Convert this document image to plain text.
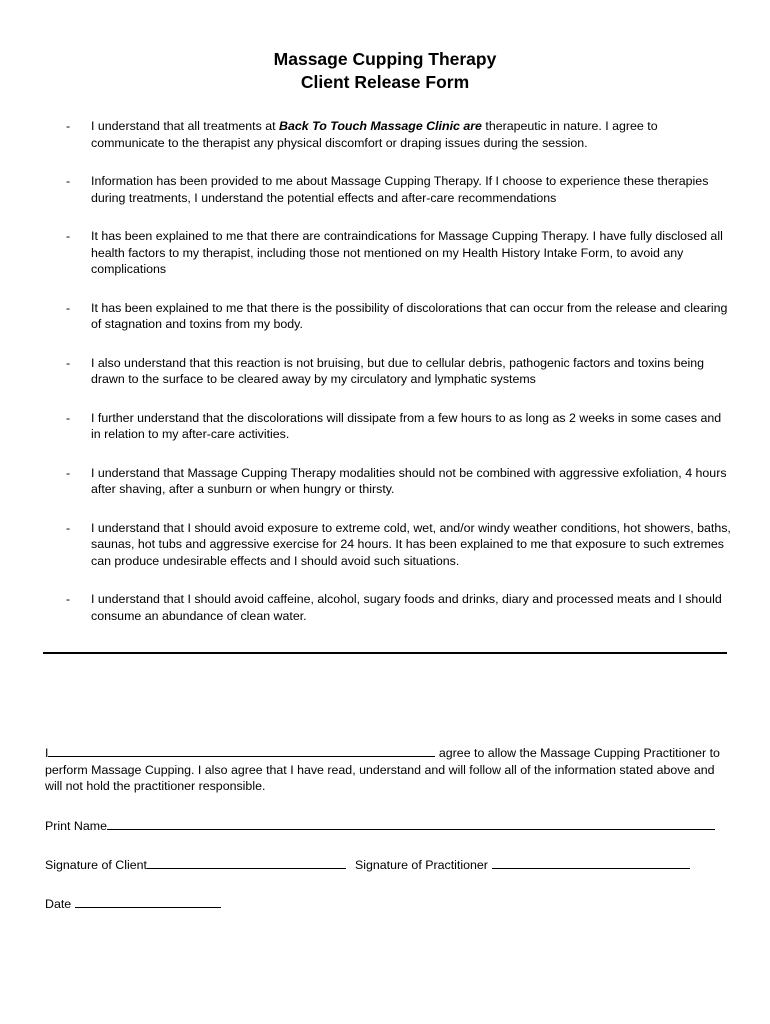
Massage Cupping Therapy
Client Release Form
- I understand that all treatments at Back To Touch Massage Clinic are therapeutic in nature. I agree to communicate to the therapist any physical discomfort or draping issues during the session.
- Information has been provided to me about Massage Cupping Therapy. If I choose to experience these therapies during treatments, I understand the potential effects and after-care recommendations
- It has been explained to me that there are contraindications for Massage Cupping Therapy. I have fully disclosed all health factors to my therapist, including those not mentioned on my Health History Intake Form, to avoid any complications
- It has been explained to me that there is the possibility of discolorations that can occur from the release and clearing of stagnation and toxins from my body.
- I also understand that this reaction is not bruising, but due to cellular debris, pathogenic factors and toxins being drawn to the surface to be cleared away by my circulatory and lymphatic systems
- I further understand that the discolorations will dissipate from a few hours to as long as 2 weeks in some cases and in relation to my after-care activities.
- I understand that Massage Cupping Therapy modalities should not be combined with aggressive exfoliation, 4 hours after shaving, after a sunburn or when hungry or thirsty.
- I understand that I should avoid exposure to extreme cold, wet, and/or windy weather conditions, hot showers, baths, saunas, hot tubs and aggressive exercise for 24 hours. It has been explained to me that exposure to such extremes can produce undesirable effects and I should avoid such situations.
- I understand that I should avoid caffeine, alcohol, sugary foods and drinks, diary and processed meats and I should consume an abundance of clean water.
I	agree to allow the Massage Cupping Practitioner to perform Massage Cupping. I also agree that I have read, understand and will follow all of the information stated above and will not hold the practitioner responsible.
Print Name
Signature of Client	Signature of Practitioner
Date
